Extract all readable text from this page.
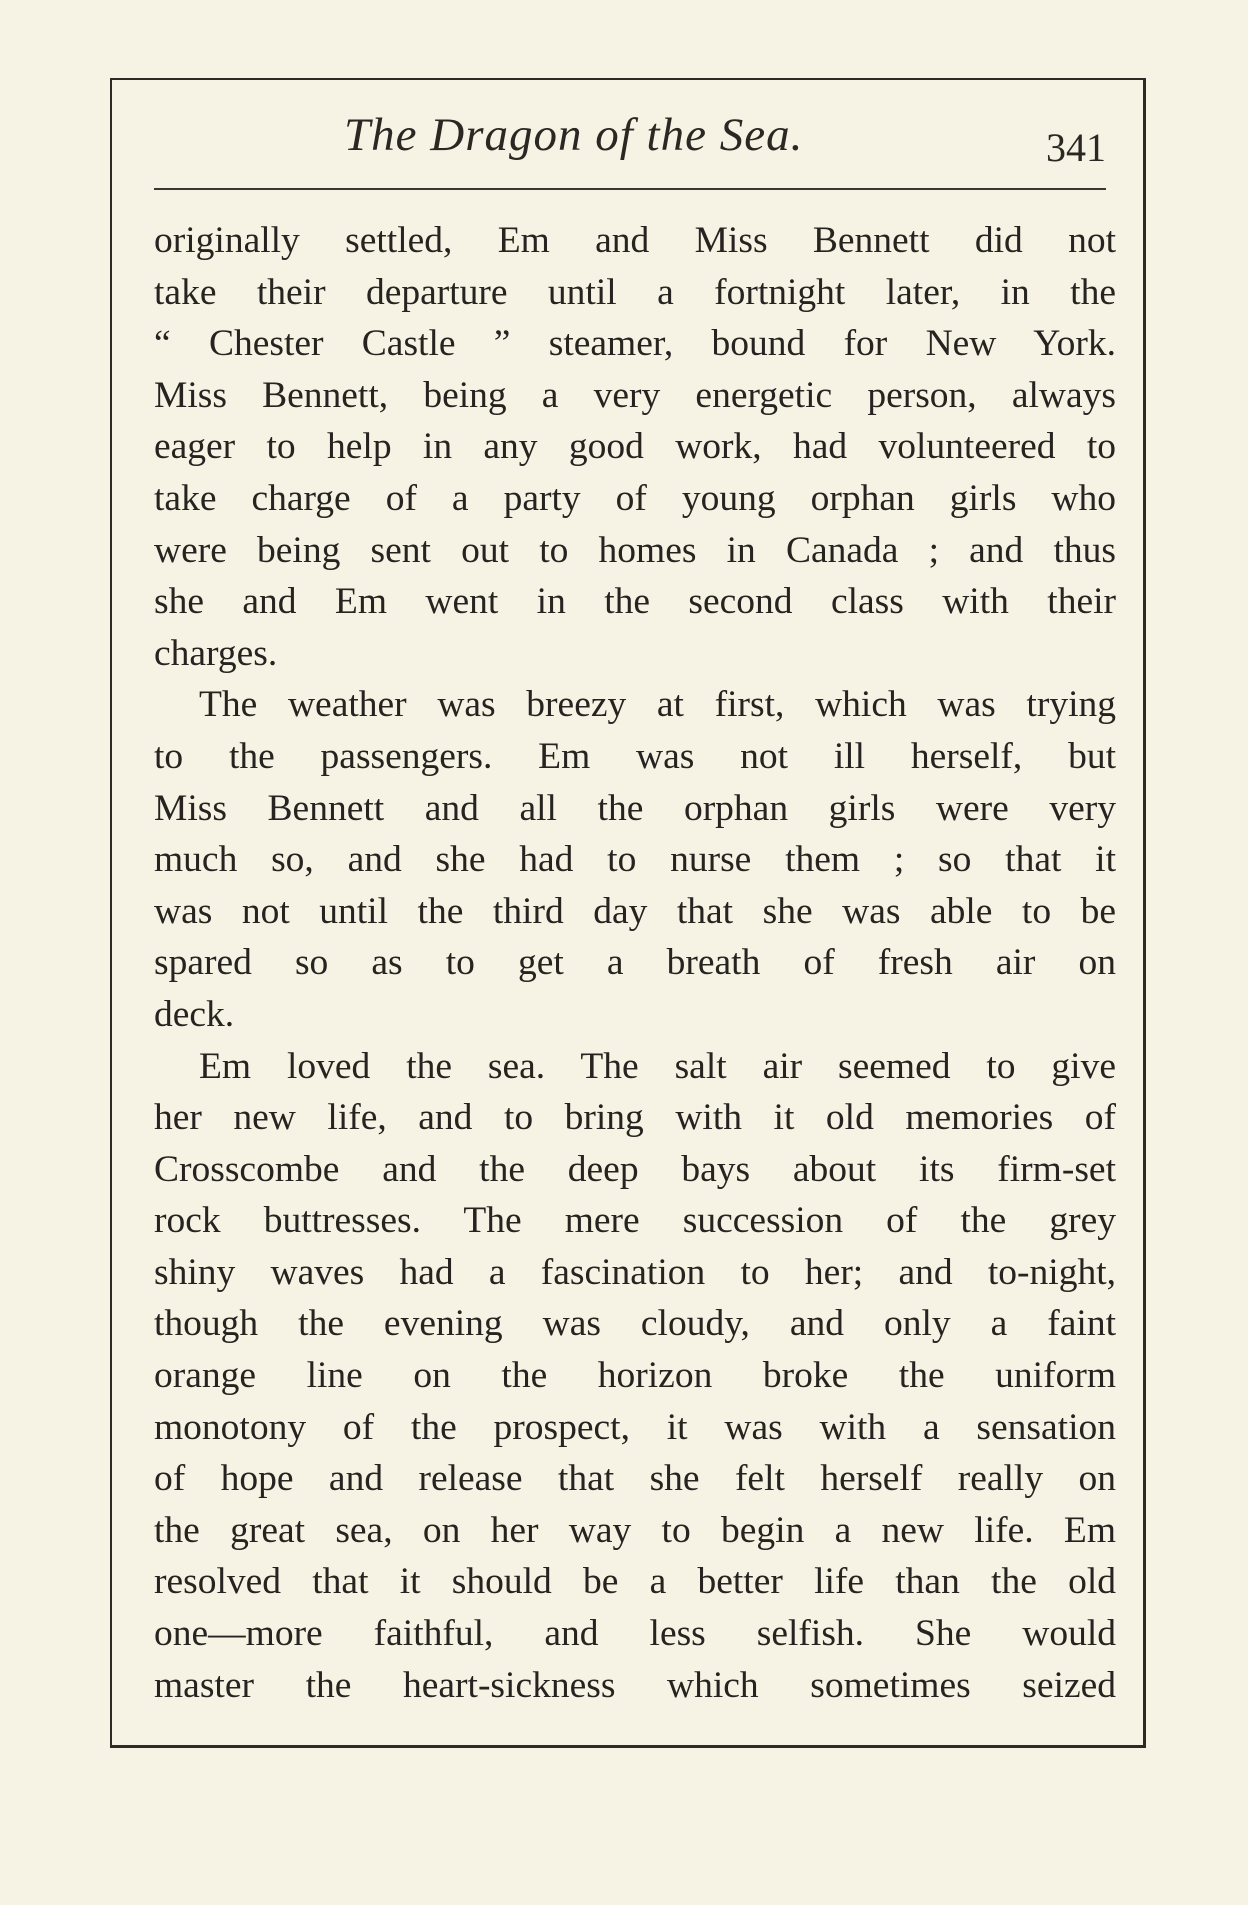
The Dragon of the Sea.	341

originally settled, Em and Miss Bennett did not

take their departure until a fortnight later, in the

“ Chester Castle ” steamer, bound for New York.

Miss Bennett, being a very energetic person, always

eager to help in any good work, had volunteered to

take charge of a party of young orphan girls who

were being sent out to homes in Canada ; and thus

she and Em went in the second class with their

charges.

The weather was breezy at first, which was trying

to the passengers. Em was not ill herself, but

Miss Bennett and all the orphan girls were very

much so, and she had to nurse them ; so that it

was not until the third day that she was able to be

spared so as to get a breath of fresh air on

deck.

Em loved the sea. The salt air seemed to give

her new life, and to bring with it old memories of

Crosscombe and the deep bays about its firm-set

rock buttresses. The mere succession of the grey

shiny waves had a fascination to her; and to-night,

though the evening was cloudy, and only a faint

orange line on the horizon broke the uniform

monotony of the prospect, it was with a sensation

of hope and release that she felt herself really on

the great sea, on her way to begin a new life. Em

resolved that it should be a better life than the old

one—more faithful, and less selfish. She would

master the heart-sickness which sometimes seized
